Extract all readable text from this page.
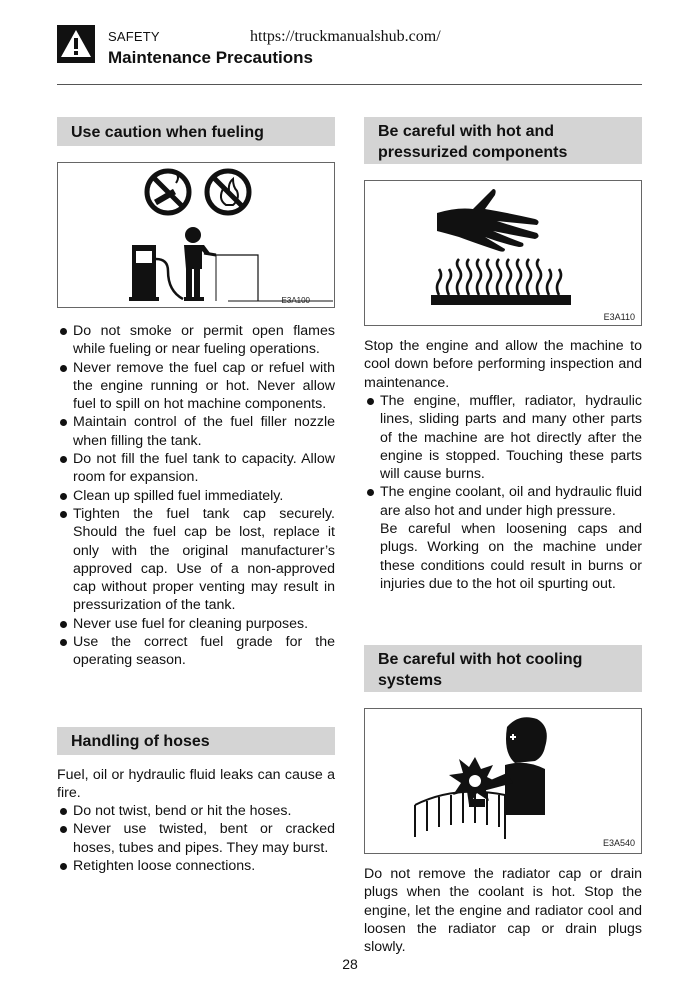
SAFETY	https://truckmanualshub.com/
Maintenance Precautions
Use caution when fueling
E3A100
Do not smoke or permit open flames while fueling or near fueling operations.
Never remove the fuel cap or refuel with the engine running or hot. Never allow fuel to spill on hot machine components.
Maintain control of the fuel filler nozzle when filling the tank.
Do not fill the fuel tank to capacity. Allow room for expansion.
Clean up spilled fuel immediately.
Tighten the fuel tank cap securely. Should the fuel cap be lost, replace it only with the original manufacturer’s approved cap. Use of a non-approved cap without proper venting may result in pressurization of the tank.
Never use fuel for cleaning purposes.
Use the correct fuel grade for the operating season.
Handling of hoses
Fuel, oil or hydraulic fluid leaks can cause a fire.
Do not twist, bend or hit the hoses.
Never use twisted, bent or cracked hoses, tubes and pipes. They may burst.
Retighten loose connections.
Be careful with hot and
pressurized components
E3A110
Stop the engine and allow the machine to cool down before performing inspection and maintenance.
The engine, muffler, radiator, hydraulic lines, sliding parts and many other parts of the machine are hot directly after the engine is stopped. Touching these parts will cause burns.
The engine coolant, oil and hydraulic fluid are also hot and under high pressure.
Be careful when loosening caps and plugs. Working on the machine under these conditions could result in burns or injuries due to the hot oil spurting out.
Be careful with hot cooling
systems
E3A540
Do not remove the radiator cap or drain plugs when the coolant is hot. Stop the engine, let the engine and radiator cool and loosen the radiator cap or drain plugs slowly.
28
